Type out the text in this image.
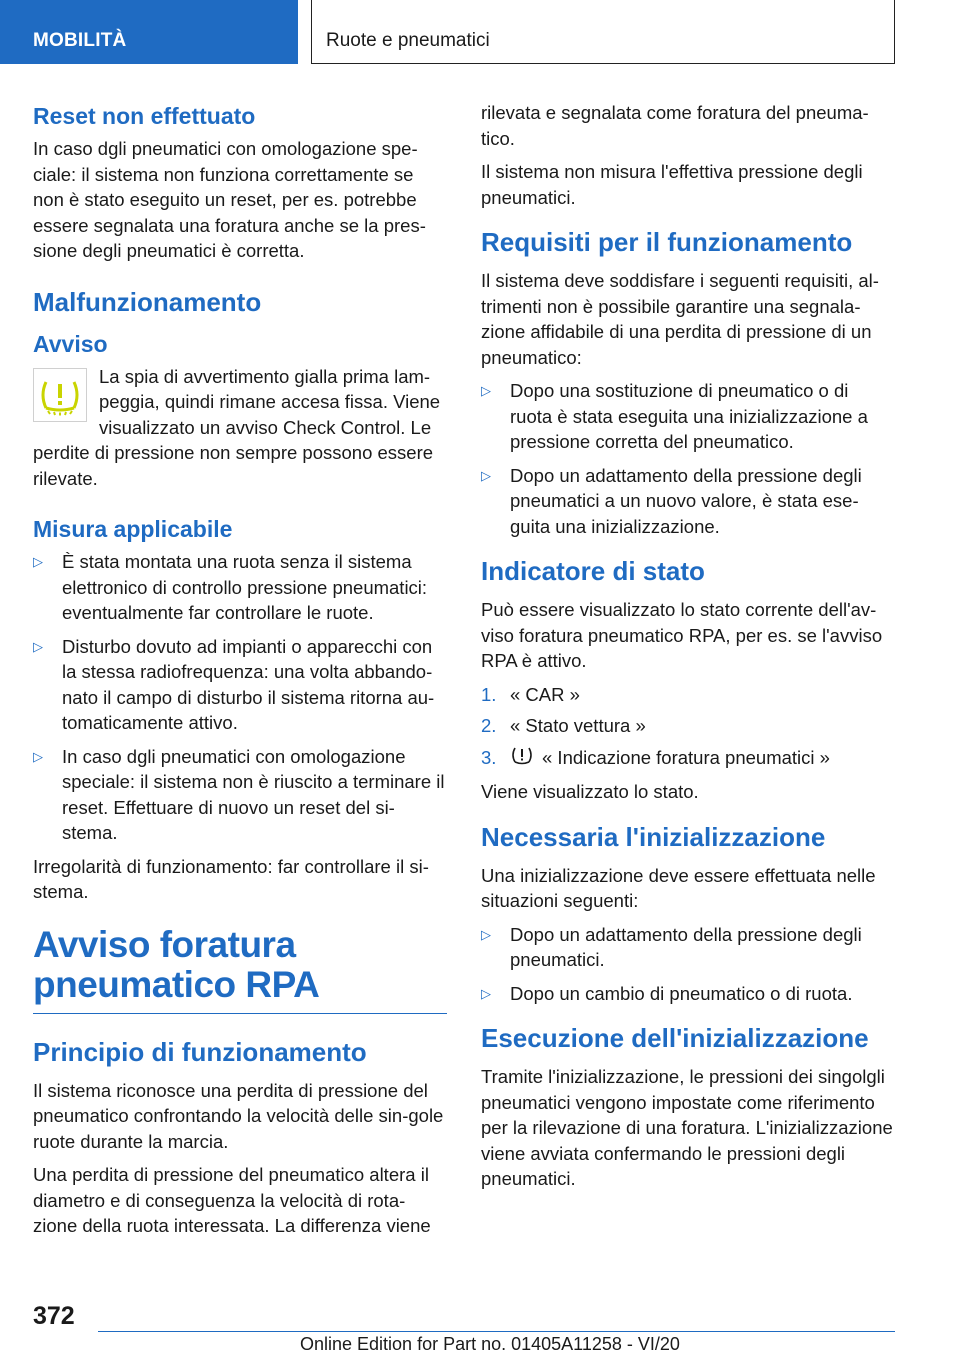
MOBILITÀ	Ruote e pneumatici
Reset non effettuato

In caso dgli pneumatici con omologazione spe-ciale: il sistema non funziona correttamente se non è stato eseguito un reset, per es. potrebbe essere segnalata una foratura anche se la pres-sione degli pneumatici è corretta.

Malfunzionamento
Avviso

La spia di avvertimento gialla prima lam-peggia, quindi rimane accesa fissa. Viene visualizzato un avviso Check Control. Le perdite di pressione non sempre possono essere rilevate.

Misura applicabile
▷ È stata montata una ruota senza il sistema elettronico di controllo pressione pneumatici: eventualmente far controllare le ruote.
▷ Disturbo dovuto ad impianti o apparecchi con la stessa radiofrequenza: una volta abbando-nato il campo di disturbo il sistema ritorna au-tomaticamente attivo.
▷ In caso dgli pneumatici con omologazione speciale: il sistema non è riuscito a terminare il reset. Effettuare di nuovo un reset del si-stema.

Irregolarità di funzionamento: far controllare il si-stema.

Avviso foratura pneumatico RPA
Principio di funzionamento

Il sistema riconosce una perdita di pressione del pneumatico confrontando la velocità delle sin-gole ruote durante la marcia.

Una perdita di pressione del pneumatico altera il diametro e di conseguenza la velocità di rota-zione della ruota interessata. La differenza viene

rilevata e segnalata come foratura del pneuma-tico.

Il sistema non misura l'effettiva pressione degli pneumatici.

Requisiti per il funzionamento

Il sistema deve soddisfare i seguenti requisiti, al-trimenti non è possibile garantire una segnala-zione affidabile di una perdita di pressione di un pneumatico:

▷ Dopo una sostituzione di pneumatico o di ruota è stata eseguita una inizializzazione a pressione corretta del pneumatico.
▷ Dopo un adattamento della pressione degli pneumatici a un nuovo valore, è stata ese-guita una inizializzazione.
Indicatore di stato

Può essere visualizzato lo stato corrente dell'av-viso foratura pneumatico RPA, per es. se l'avviso RPA è attivo.

1. « CAR »
2. « Stato vettura »
3. « Indicazione foratura pneumatici »

Viene visualizzato lo stato.

Necessaria l'inizializzazione

Una inizializzazione deve essere effettuata nelle situazioni seguenti:

▷ Dopo un adattamento della pressione degli pneumatici.
▷ Dopo un cambio di pneumatico o di ruota.
Esecuzione dell'inizializzazione

Tramite l'inizializzazione, le pressioni dei singolgli pneumatici vengono impostate come riferimento per la rilevazione di una foratura. L'inizializzazione viene avviata confermando le pressioni degli pneumatici.

372
Online Edition for Part no. 01405A11258 - VI/20
